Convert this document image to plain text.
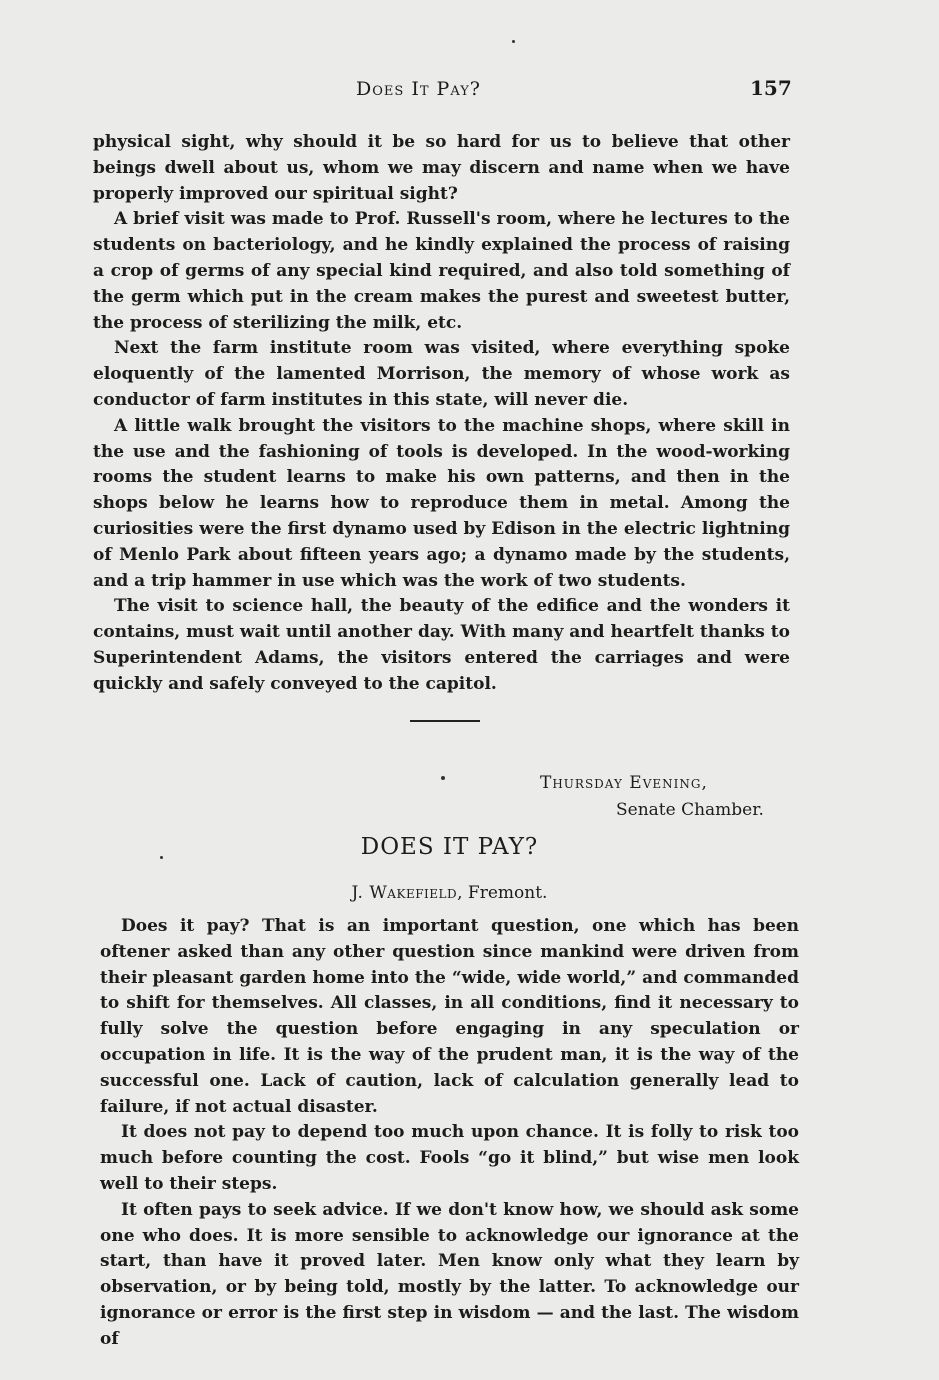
Does It Pay?	157

physical sight, why should it be so hard for us to believe that other beings dwell about us, whom we may discern and name when we have properly improved our spiritual sight?

A brief visit was made to Prof. Russell's room, where he lectures to the students on bacteriology, and he kindly explained the process of raising a crop of germs of any special kind required, and also told something of the germ which put in the cream makes the purest and sweetest butter, the process of sterilizing the milk, etc.

Next the farm institute room was visited, where everything spoke eloquently of the lamented Morrison, the memory of whose work as conductor of farm institutes in this state, will never die.

A little walk brought the visitors to the machine shops, where skill in the use and the fashioning of tools is developed. In the wood-working rooms the student learns to make his own patterns, and then in the shops below he learns how to reproduce them in metal. Among the curiosities were the first dynamo used by Edison in the electric lightning of Menlo Park about fifteen years ago; a dynamo made by the students, and a trip hammer in use which was the work of two students.

The visit to science hall, the beauty of the edifice and the wonders it contains, must wait until another day. With many and heartfelt thanks to Superintendent Adams, the visitors entered the carriages and were quickly and safely conveyed to the capitol.

Thursday Evening,
Senate Chamber.
DOES IT PAY?
J. Wakefield, Fremont.

Does it pay? That is an important question, one which has been oftener asked than any other question since mankind were driven from their pleasant garden home into the “wide, wide world,” and commanded to shift for themselves. All classes, in all conditions, find it necessary to fully solve the question before engaging in any speculation or occupation in life. It is the way of the prudent man, it is the way of the successful one. Lack of caution, lack of calculation generally lead to failure, if not actual disaster.

It does not pay to depend too much upon chance. It is folly to risk too much before counting the cost. Fools “go it blind,” but wise men look well to their steps.

It often pays to seek advice. If we don't know how, we should ask some one who does. It is more sensible to acknowledge our ignorance at the start, than have it proved later. Men know only what they learn by observation, or by being told, mostly by the latter. To acknowledge our ignorance or error is the first step in wisdom — and the last. The wisdom of
